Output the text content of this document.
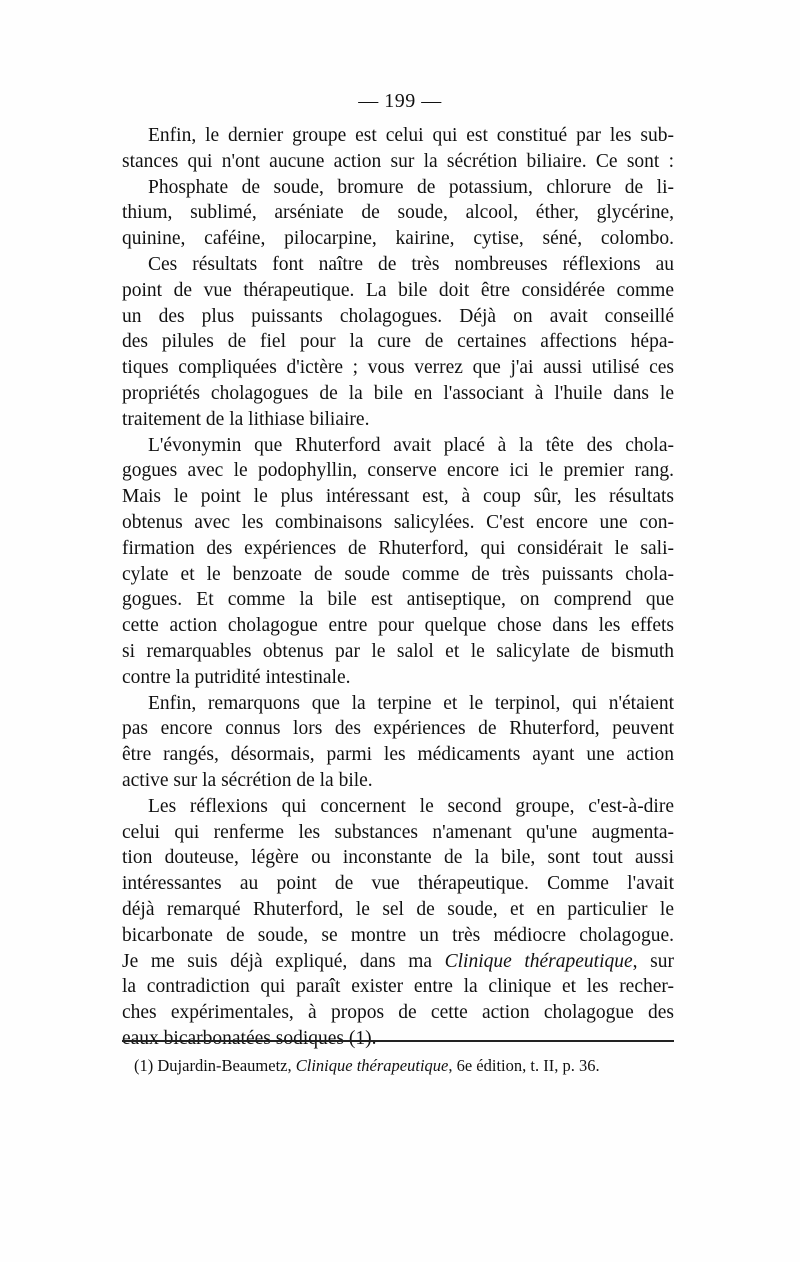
— 199 —
Enfin, le dernier groupe est celui qui est constitué par les sub-
stances qui n'ont aucune action sur la sécrétion biliaire. Ce sont :
Phosphate de soude, bromure de potassium, chlorure de li-
thium, sublimé, arséniate de soude, alcool, éther, glycérine,
quinine, caféine, pilocarpine, kairine, cytise, séné, colombo.
Ces résultats font naître de très nombreuses réflexions au
point de vue thérapeutique. La bile doit être considérée comme
un des plus puissants cholagogues. Déjà on avait conseillé
des pilules de fiel pour la cure de certaines affections hépa-
tiques compliquées d'ictère ; vous verrez que j'ai aussi utilisé ces
propriétés cholagogues de la bile en l'associant à l'huile dans le
traitement de la lithiase biliaire.
L'évonymin que Rhuterford avait placé à la tête des chola-
gogues avec le podophyllin, conserve encore ici le premier rang.
Mais le point le plus intéressant est, à coup sûr, les résultats
obtenus avec les combinaisons salicylées. C'est encore une con-
firmation des expériences de Rhuterford, qui considérait le sali-
cylate et le benzoate de soude comme de très puissants chola-
gogues. Et comme la bile est antiseptique, on comprend que
cette action cholagogue entre pour quelque chose dans les effets
si remarquables obtenus par le salol et le salicylate de bismuth
contre la putridité intestinale.
Enfin, remarquons que la terpine et le terpinol, qui n'étaient
pas encore connus lors des expériences de Rhuterford, peuvent
être rangés, désormais, parmi les médicaments ayant une action
active sur la sécrétion de la bile.
Les réflexions qui concernent le second groupe, c'est-à-dire
celui qui renferme les substances n'amenant qu'une augmenta-
tion douteuse, légère ou inconstante de la bile, sont tout aussi
intéressantes au point de vue thérapeutique. Comme l'avait
déjà remarqué Rhuterford, le sel de soude, et en particulier le
bicarbonate de soude, se montre un très médiocre cholagogue.
Je me suis déjà expliqué, dans ma Clinique thérapeutique, sur
la contradiction qui paraît exister entre la clinique et les recher-
ches expérimentales, à propos de cette action cholagogue des
eaux bicarbonatées sodiques (1).
(1) Dujardin-Beaumetz, Clinique thérapeutique, 6e édition, t. II, p. 36.
